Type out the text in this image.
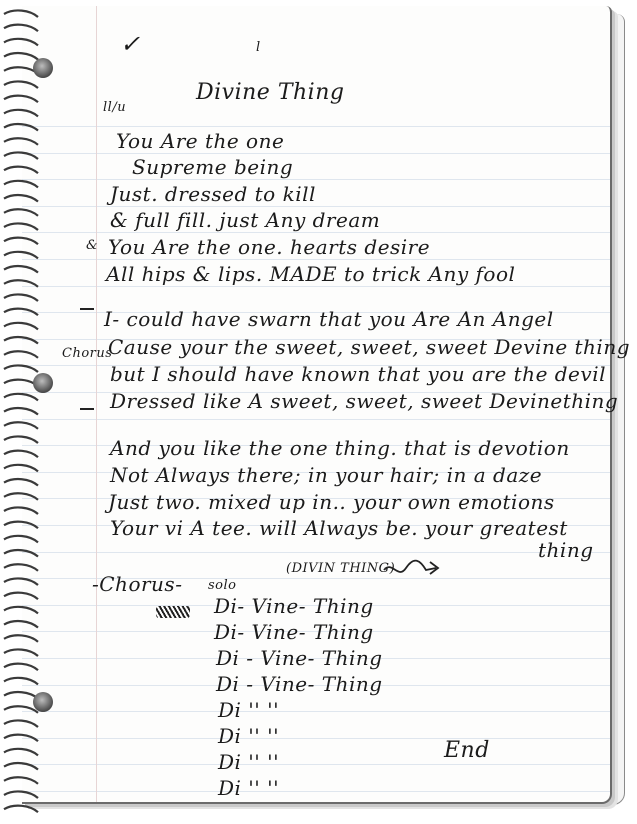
✓	l
ll/u
Divine Thing
You Are the one
Supreme being
Just. dressed to kill
& full fill. just Any dream
& You Are the one. hearts desire
All hips & lips. MADE to trick Any fool
Chorus
I- could have swarn that you Are An Angel
Cause your the sweet, sweet, sweet Devine thing
but I should have known that you are the devil
Dressed like A sweet, sweet, sweet Devinething
And you like the one thing. that is devotion
Not Always there; in your hair; in a daze
Just two. mixed up in.. your own emotions
Your vi A tee. will Always be. your greatest
thing
-Chorus- solo
(DIVIN THING)
Di- Vine- Thing
Di- Vine- Thing
Di - Vine- Thing
Di - Vine- Thing
Di '' ''
Di '' ''
Di '' ''
Di '' ''
End
